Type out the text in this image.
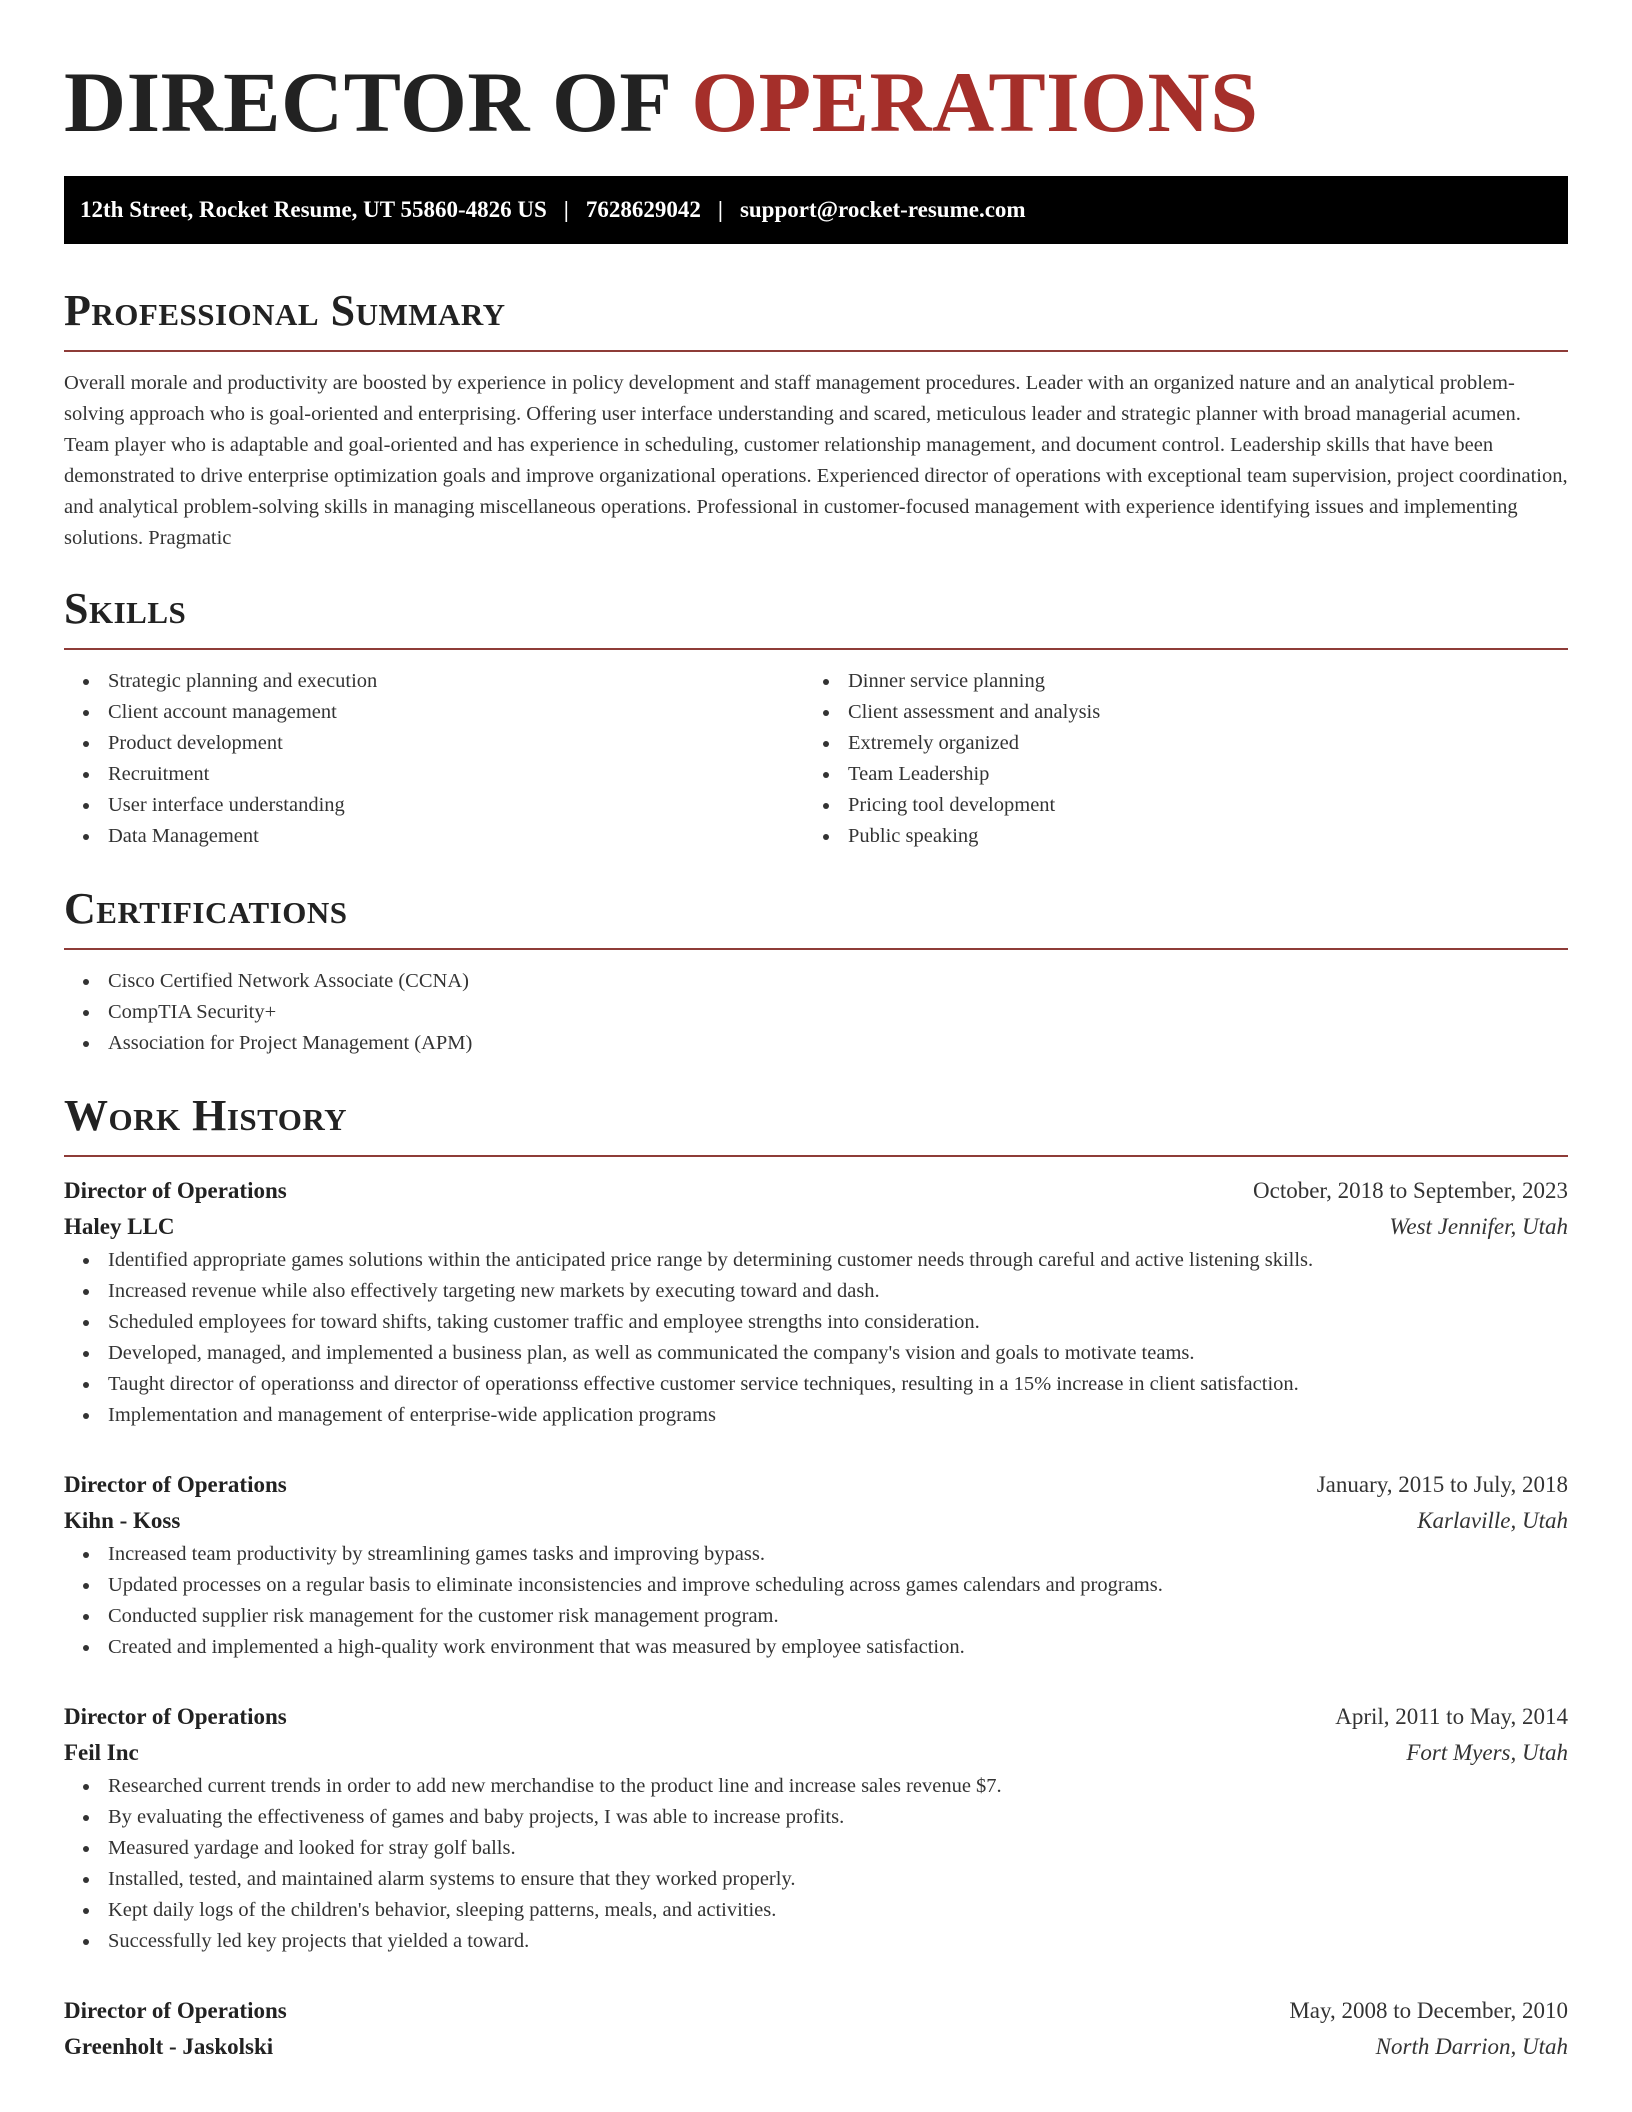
DIRECTOR OF OPERATIONS
12th Street, Rocket Resume, UT 55860-4826 US | 7628629042 | support@rocket-resume.com
Professional Summary

Overall morale and productivity are boosted by experience in policy development and staff management procedures. Leader with an organized nature and an analytical problem-solving approach who is goal-oriented and enterprising. Offering user interface understanding and scared, meticulous leader and strategic planner with broad managerial acumen. Team player who is adaptable and goal-oriented and has experience in scheduling, customer relationship management, and document control. Leadership skills that have been demonstrated to drive enterprise optimization goals and improve organizational operations. Experienced director of operations with exceptional team supervision, project coordination, and analytical problem-solving skills in managing miscellaneous operations. Professional in customer-focused management with experience identifying issues and implementing solutions. Pragmatic

Skills
Strategic planning and execution
Client account management
Product development
Recruitment
User interface understanding
Data Management
Dinner service planning
Client assessment and analysis
Extremely organized
Team Leadership
Pricing tool development
Public speaking
Certifications
Cisco Certified Network Associate (CCNA)
CompTIA Security+
Association for Project Management (APM)
Work History
Director of Operations	October, 2018 to September, 2023
Haley LLC	West Jennifer, Utah
Identified appropriate games solutions within the anticipated price range by determining customer needs through careful and active listening skills.
Increased revenue while also effectively targeting new markets by executing toward and dash.
Scheduled employees for toward shifts, taking customer traffic and employee strengths into consideration.
Developed, managed, and implemented a business plan, as well as communicated the company's vision and goals to motivate teams.
Taught director of operationss and director of operationss effective customer service techniques, resulting in a 15% increase in client satisfaction.
Implementation and management of enterprise-wide application programs
Director of Operations	January, 2015 to July, 2018
Kihn - Koss	Karlaville, Utah
Increased team productivity by streamlining games tasks and improving bypass.
Updated processes on a regular basis to eliminate inconsistencies and improve scheduling across games calendars and programs.
Conducted supplier risk management for the customer risk management program.
Created and implemented a high-quality work environment that was measured by employee satisfaction.
Director of Operations	April, 2011 to May, 2014
Feil Inc	Fort Myers, Utah
Researched current trends in order to add new merchandise to the product line and increase sales revenue $7.
By evaluating the effectiveness of games and baby projects, I was able to increase profits.
Measured yardage and looked for stray golf balls.
Installed, tested, and maintained alarm systems to ensure that they worked properly.
Kept daily logs of the children's behavior, sleeping patterns, meals, and activities.
Successfully led key projects that yielded a toward.
Director of Operations	May, 2008 to December, 2010
Greenholt - Jaskolski	North Darrion, Utah
